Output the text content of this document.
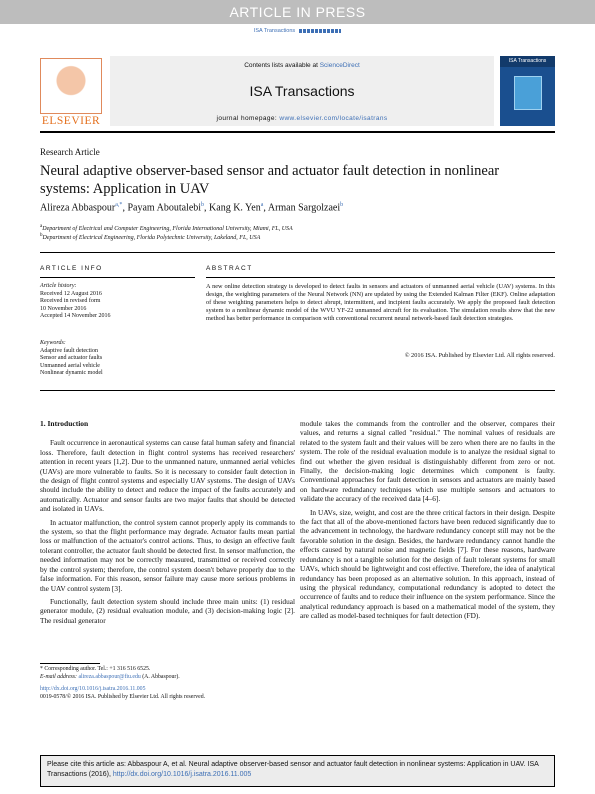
ARTICLE IN PRESS
ISA Transactions
ELSEVIER
Contents lists available at ScienceDirect
ISA Transactions
journal homepage: www.elsevier.com/locate/isatrans
ISA Transactions
Research Article
Neural adaptive observer-based sensor and actuator fault detection in nonlinear systems: Application in UAV
Alireza Abbaspour$^{a,*}$, Payam Aboutalebi$^b$, Kang K. Yen$^a$, Arman Sargolzaei$^b$
$^a$Department of Electrical and Computer Engineering, Florida International University, Miami, FL, USA
$^b$Department of Electrical Engineering, Florida Polytechnic University, Lakeland, FL, USA
ARTICLE INFO	ABSTRACT
Article history:
Received 12 August 2016
Received in revised form
10 November 2016
Accepted 14 November 2016
Keywords:
Adaptive fault detection
Sensor and actuator faults
Unmanned aerial vehicle
Nonlinear dynamic model
A new online detection strategy is developed to detect faults in sensors and actuators of unmanned aerial vehicle (UAV) systems. In this design, the weighting parameters of the Neural Network (NN) are updated by using the Extended Kalman Filter (EKF). Online adaptation of these weighting parameters helps to detect abrupt, intermittent, and incipient faults accurately. We apply the proposed fault detection system to a nonlinear dynamic model of the WVU YF-22 unmanned aircraft for its evaluation. The simulation results show that the new method has better performance in comparison with conventional recurrent neural network-based fault detection strategies.
© 2016 ISA. Published by Elsevier Ltd. All rights reserved.
1. Introduction

Fault occurrence in aeronautical systems can cause fatal human safety and financial loss. Therefore, fault detection in flight control systems has received researchers' attention in recent years [1,2]. Due to the unmanned nature, unmanned aerial vehicles (UAVs) are more vulnerable to faults. So it is necessary to consider fault detection in the design of flight control systems and especially UAV systems. The design of UAVs should include the ability to detect and reduce the impact of the faults accurately and automatically. Actuator and sensor faults are two major faults that should be detected and isolated in UAVs.

In actuator malfunction, the control system cannot properly apply its commands to the system, so that the flight performance may degrade. Actuator faults mean partial loss or malfunction of the actuator's control actions. Thus, to design an effective fault tolerant controller, the actuator fault should be detected first. In sensor malfunction, the needed information may not be correctly measured, transmitted or received correctly by the control system; therefore, the control system doesn't behave properly due to the false information. For this reason, sensor failure may cause more serious problems in the UAV control system [3].

Functionally, fault detection system should include three main units: (1) residual generator module, (2) residual evaluation module, and (3) decision-making logic [2]. The residual generator

module takes the commands from the controller and the observer, compares their values, and returns a signal called "residual." The nominal values of residuals are related to the system fault and their values will be zero when there are no faults in the system. The role of the residual evaluation module is to analyze the residual signal to find out whether the given residual is distinguishably different from zero or not. Finally, the decision-making logic determines which component is faulty. Conventional approaches for fault detection in sensors and actuators are mainly based on hardware redundancy techniques which use multiple sensors and actuators to validate the accuracy of the received data [4–6].

In UAVs, size, weight, and cost are the three critical factors in their design. Despite the fact that all of the above-mentioned factors have been reduced significantly due to the advancement in technology, the hardware redundancy concept still may not be the favorable solution in the design. Besides, the hardware redundancy cannot handle the effects caused by natural noise and magnetic fields [7]. For these reasons, hardware redundancy is not a tangible solution for the design of fault tolerant systems for small UAVs, which should be lightweight and cost effective. Therefore, the idea of analytical redundancy has been proposed as an alternative solution. In this approach, instead of using the physical redundancy, computational redundancy is adopted to detect the occurrence of faults and to reduce their influence on the system performance. Since the analytical redundancy approach is based on a mathematical model of the system, they are called as model-based techniques for fault detection (FD).

* Corresponding author. Tel.: +1 316 516 6525.
E-mail address: alireza.abbaspour@fiu.edu (A. Abbaspour).
http://dx.doi.org/10.1016/j.isatra.2016.11.005
0019-0578/© 2016 ISA. Published by Elsevier Ltd. All rights reserved.
Please cite this article as: Abbaspour A, et al. Neural adaptive observer-based sensor and actuator fault detection in nonlinear systems: Application in UAV. ISA Transactions (2016), http://dx.doi.org/10.1016/j.isatra.2016.11.005
